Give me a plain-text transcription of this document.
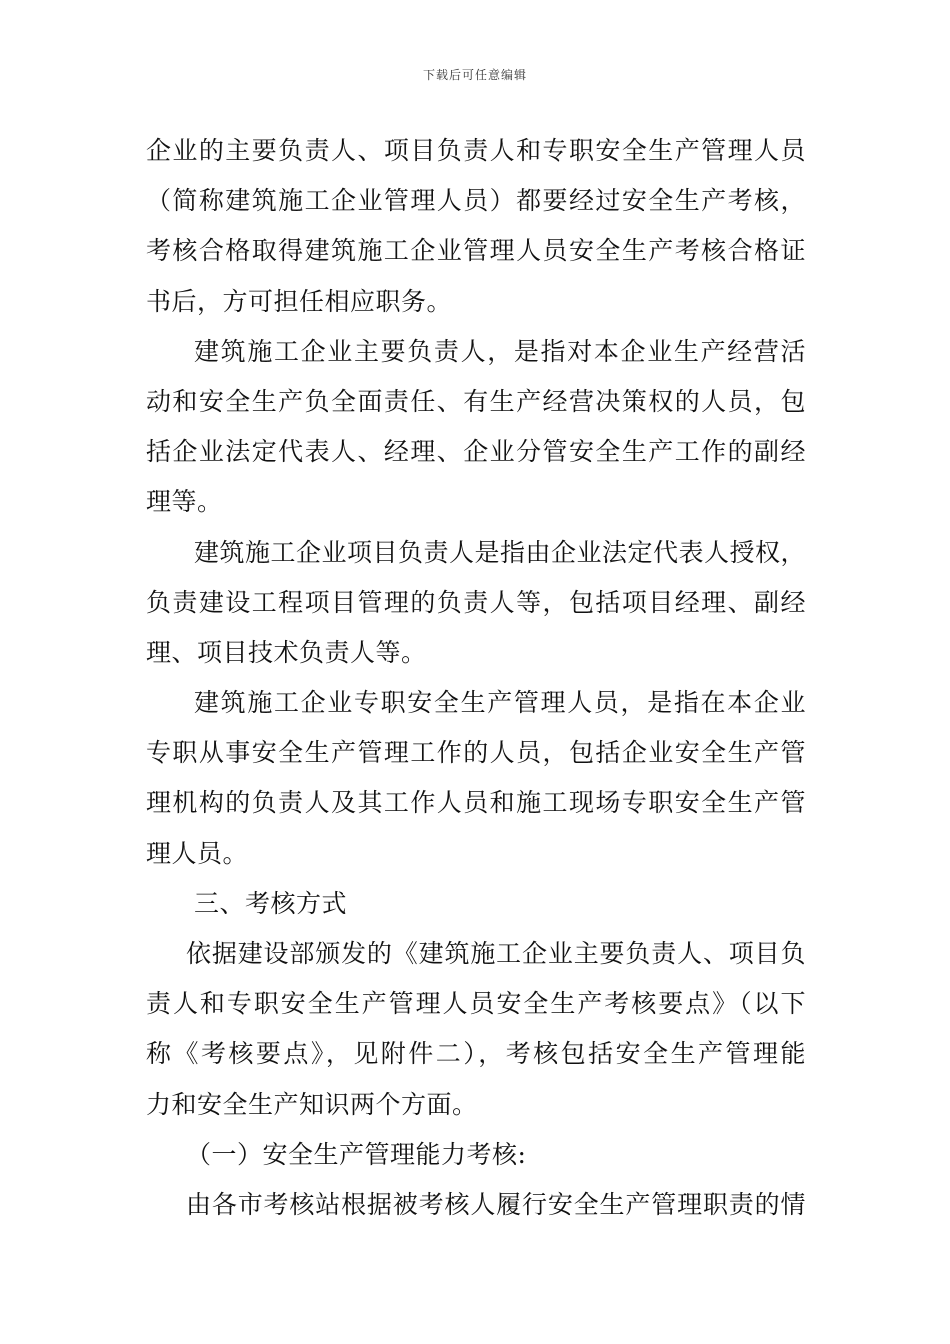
下载后可任意编辑
企业的主要负责人、项目负责人和专职安全生产管理人员
（简称建筑施工企业管理人员）都要经过安全生产考核，
考核合格取得建筑施工企业管理人员安全生产考核合格证
书后，方可担任相应职务。
建筑施工企业主要负责人，是指对本企业生产经营活
动和安全生产负全面责任、有生产经营决策权的人员，包
括企业法定代表人、经理、企业分管安全生产工作的副经
理等。
建筑施工企业项目负责人是指由企业法定代表人授权，
负责建设工程项目管理的负责人等，包括项目经理、副经
理、项目技术负责人等。
建筑施工企业专职安全生产管理人员，是指在本企业
专职从事安全生产管理工作的人员，包括企业安全生产管
理机构的负责人及其工作人员和施工现场专职安全生产管
理人员。
三、考核方式
依据建设部颁发的《建筑施工企业主要负责人、项目负
责人和专职安全生产管理人员安全生产考核要点》（以下
称《考核要点》，见附件二），考核包括安全生产管理能
力和安全生产知识两个方面。
（一）安全生产管理能力考核:
由各市考核站根据被考核人履行安全生产管理职责的情
